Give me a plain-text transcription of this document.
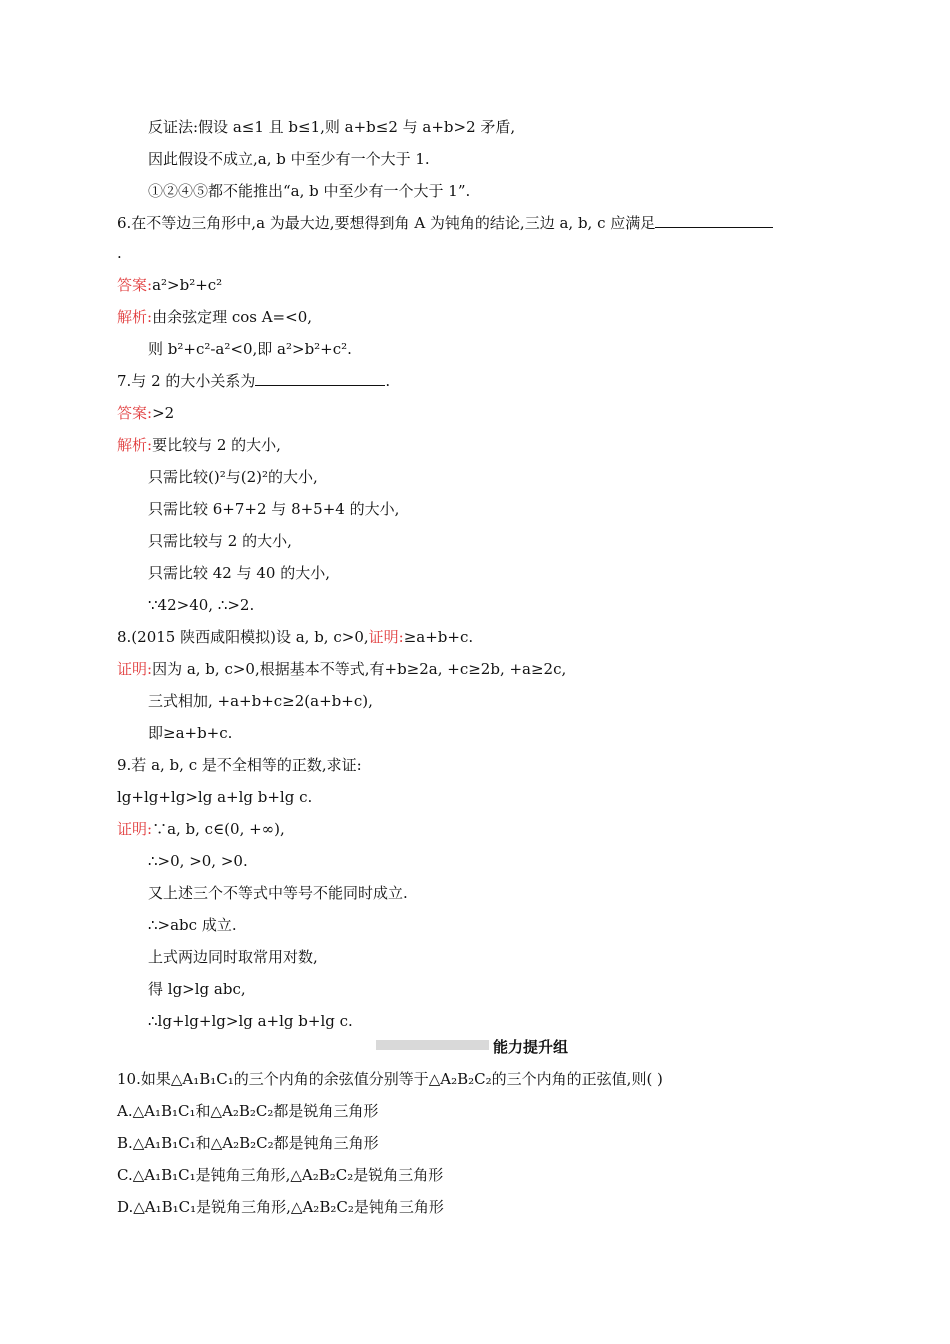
反证法:假设 a≤1 且 b≤1,则 a+b≤2 与 a+b>2 矛盾,
因此假设不成立,a, b 中至少有一个大于 1.
①②④⑤都不能推出“a, b 中至少有一个大于 1”.
6.在不等边三角形中,a 为最大边,要想得到角 A 为钝角的结论,三边 a, b, c 应满足
.
答案:a²>b²+c²
解析:由余弦定理 cos A=<0,
则 b²+c²-a²<0,即 a²>b²+c².
7.与 2 的大小关系为	.
答案:>2
解析:要比较与 2 的大小,
只需比较()²与(2)²的大小,
只需比较 6+7+2 与 8+5+4 的大小,
只需比较与 2 的大小,
只需比较 42 与 40 的大小,
∵42>40, ∴>2.
8.(2015 陕西咸阳模拟)设 a, b, c>0,证明:≥a+b+c.
证明:因为 a, b, c>0,根据基本不等式,有+b≥2a, +c≥2b, +a≥2c,
三式相加, +a+b+c≥2(a+b+c),
即≥a+b+c.
9.若 a, b, c 是不全相等的正数,求证:
lg+lg+lg>lg a+lg b+lg c.
证明:∵a, b, c∈(0, +∞),
∴>0, >0, >0.
又上述三个不等式中等号不能同时成立.
∴>abc 成立.
上式两边同时取常用对数,
得 lg>lg abc,
∴lg+lg+lg>lg a+lg b+lg c.
能力提升组
10.如果△A₁B₁C₁的三个内角的余弦值分别等于△A₂B₂C₂的三个内角的正弦值,则( )
A.△A₁B₁C₁和△A₂B₂C₂都是锐角三角形
B.△A₁B₁C₁和△A₂B₂C₂都是钝角三角形
C.△A₁B₁C₁是钝角三角形,△A₂B₂C₂是锐角三角形
D.△A₁B₁C₁是锐角三角形,△A₂B₂C₂是钝角三角形
